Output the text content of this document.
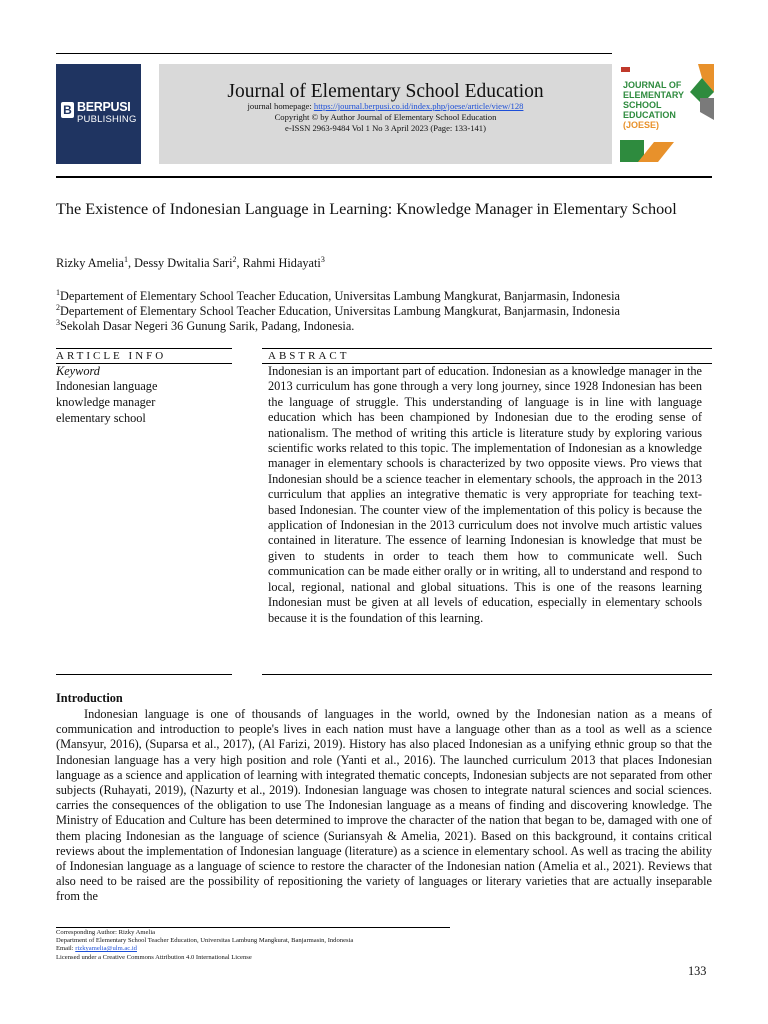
B BERPUSI
PUBLISHING
Journal of Elementary School Education
journal homepage: https://journal.berpusi.co.id/index.php/joese/article/view/128
Copyright © by Author Journal of Elementary School Education
e-ISSN 2963-9484 Vol 1 No 3 April 2023 (Page: 133-141)
JOURNAL OF
ELEMENTARY
SCHOOL
EDUCATION
(JOESE)
The Existence of Indonesian Language in Learning: Knowledge Manager in Elementary School
Rizky Amelia$^1$, Dessy Dwitalia Sari$^2$, Rahmi Hidayati$^3$
$^1$Departement of Elementary School Teacher Education, Universitas Lambung Mangkurat, Banjarmasin, Indonesia
$^2$Departement of Elementary School Teacher Education, Universitas Lambung Mangkurat, Banjarmasin, Indonesia
$^3$Sekolah Dasar Negeri 36 Gunung Sarik, Padang, Indonesia.
ARTICLE INFO
Keyword
Indonesian language
knowledge manager
elementary school
ABSTRACT
Indonesian is an important part of education. Indonesian as a knowledge manager in the 2013 curriculum has gone through a very long journey, since 1928 Indonesian has been the language of struggle. This understanding of language is in line with language education which has been championed by Indonesian due to the eroding sense of nationalism. The method of writing this article is literature study by exploring various scientific works related to this topic. The implementation of Indonesian as a knowledge manager in elementary schools is characterized by two opposite views. Pro views that Indonesian should be a science teacher in elementary schools, the approach in the 2013 curriculum that applies an integrative thematic is very appropriate for teaching text-based Indonesian. The counter view of the implementation of this policy is because the application of Indonesian in the 2013 curriculum does not involve much artistic values contained in literature. The essence of learning Indonesian is knowledge that must be given to students in order to teach them how to communicate well. Such communication can be made either orally or in writing, all to understand and respond to local, regional, national and global situations. This is one of the reasons learning Indonesian must be given at all levels of education, especially in elementary schools because it is the foundation of this learning.
Introduction
Indonesian language is one of thousands of languages in the world, owned by the Indonesian nation as a means of communication and introduction to people's lives in each nation must have a language other than as a tool as well as a science (Mansyur, 2016), (Suparsa et al., 2017), (Al Farizi, 2019). History has also placed Indonesian as a unifying ethnic group so that the Indonesian language has a very high position and role (Yanti et al., 2016). The launched curriculum 2013 that places Indonesian language as a science and application of learning with integrated thematic concepts, Indonesian subjects are not separated from other subjects (Ruhayati, 2019), (Nazurty et al., 2019). Indonesian language was chosen to integrate natural sciences and social sciences. carries the consequences of the obligation to use The Indonesian language as a means of finding and discovering knowledge. The Ministry of Education and Culture has been determined to improve the character of the nation that began to be, damaged with one of them placing Indonesian as the language of science (Suriansyah & Amelia, 2021). Based on this background, it contains critical reviews about the implementation of Indonesian language (literature) as a science in elementary school. As well as tracing the ability of Indonesian language as a language of science to restore the character of the Indonesian nation (Amelia et al., 2021). Reviews that also need to be raised are the possibility of repositioning the variety of languages or literary varieties that are actually inseparable from the
Corresponding Author: Rizky Amelia
Department of Elementary School Teacher Education, Universitas Lambung Mangkurat, Banjarmasin, Indonesia
Email: rizkyamelia@ulm.ac.id
Licensed under a Creative Commons Attribution 4.0 International License
133
